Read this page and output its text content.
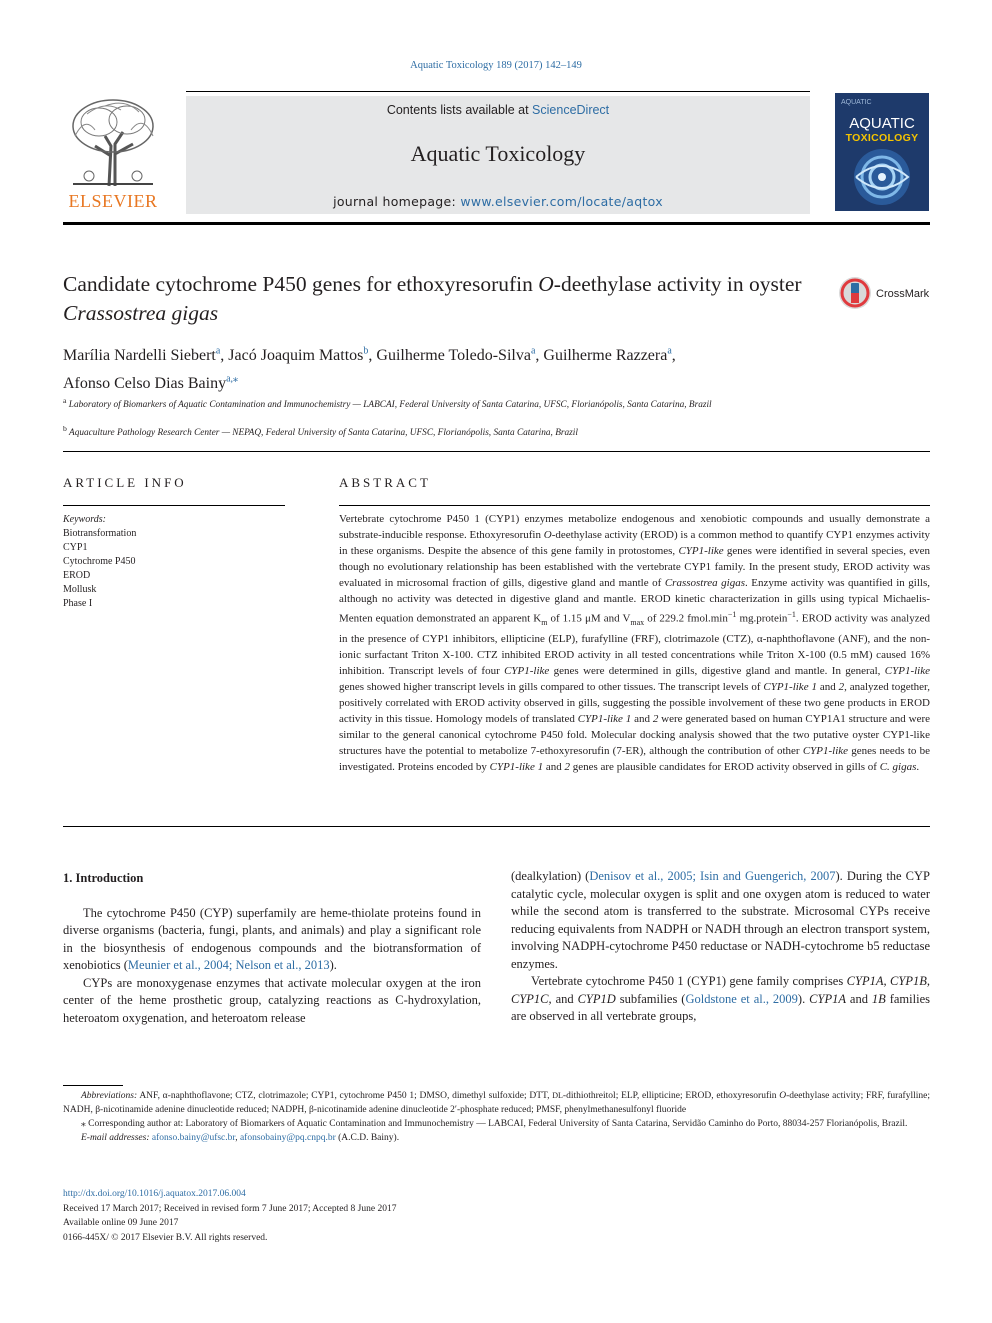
Aquatic Toxicology 189 (2017) 142–149
ELSEVIER
Contents lists available at ScienceDirect
Aquatic Toxicology
journal homepage: www.elsevier.com/locate/aqtox
AQUATIC
AQUATIC
TOXICOLOGY
Candidate cytochrome P450 genes for ethoxyresorufin O-deethylase activity in oyster Crassostrea gigas
CrossMark
Marília Nardelli Siebert$^a$, Jacó Joaquim Mattos$^b$, Guilherme Toledo-Silva$^a$, Guilherme Razzera$^a$,
Afonso Celso Dias Bainy$^{a,⁎}$
$^a$ Laboratory of Biomarkers of Aquatic Contamination and Immunochemistry — LABCAI, Federal University of Santa Catarina, UFSC, Florianópolis, Santa Catarina, Brazil
$^b$ Aquaculture Pathology Research Center — NEPAQ, Federal University of Santa Catarina, UFSC, Florianópolis, Santa Catarina, Brazil
ARTICLE INFO	ABSTRACT
Keywords:
Biotransformation
CYP1
Cytochrome P450
EROD
Mollusk
Phase I
Vertebrate cytochrome P450 1 (CYP1) enzymes metabolize endogenous and xenobiotic compounds and usually demonstrate a substrate-inducible response. Ethoxyresorufin O-deethylase activity (EROD) is a common method to quantify CYP1 enzymes activity in these organisms. Despite the absence of this gene family in protostomes, CYP1-like genes were identified in several species, even though no evolutionary relationship has been established with the vertebrate CYP1 family. In the present study, EROD activity was evaluated in microsomal fraction of gills, digestive gland and mantle of Crassostrea gigas. Enzyme activity was quantified in gills, although no activity was detected in digestive gland and mantle. EROD kinetic characterization in gills using typical Michaelis-Menten equation demonstrated an apparent $K_m$ of 1.15 μM and $V_{max}$ of 229.2 $fmol.\min^{-1}$ mg.protein$^{-1}$. EROD activity was analyzed in the presence of CYP1 inhibitors, ellipticine (ELP), furafylline (FRF), clotrimazole (CTZ), α-naphthoflavone (ANF), and the non-ionic surfactant Triton X-100. CTZ inhibited EROD activity in all tested concentrations while Triton X-100 (0.5 mM) caused 16% inhibition. Transcript levels of four CYP1-like genes were determined in gills, digestive gland and mantle. In general, CYP1-like genes showed higher transcript levels in gills compared to other tissues. The transcript levels of CYP1-like 1 and 2, analyzed together, positively correlated with EROD activity observed in gills, suggesting the possible involvement of these two gene products in EROD activity in this tissue. Homology models of translated CYP1-like 1 and 2 were generated based on human CYP1A1 structure and were similar to the general canonical cytochrome P450 fold. Molecular docking analysis showed that the two putative oyster CYP1-like structures have the potential to metabolize 7-ethoxyresorufin (7-ER), although the contribution of other CYP1-like genes needs to be investigated. Proteins encoded by CYP1-like 1 and 2 genes are plausible candidates for EROD activity observed in gills of C. gigas.
1. Introduction

The cytochrome P450 (CYP) superfamily are heme-thiolate proteins found in diverse organisms (bacteria, fungi, plants, and animals) and play a significant role in the biosynthesis of endogenous compounds and the biotransformation of xenobiotics (Meunier et al., 2004; Nelson et al., 2013).

CYPs are monoxygenase enzymes that activate molecular oxygen at the iron center of the heme prosthetic group, catalyzing reactions as C-hydroxylation, heteroatom oxygenation, and heteroatom release

(dealkylation) (Denisov et al., 2005; Isin and Guengerich, 2007). During the CYP catalytic cycle, molecular oxygen is split and one oxygen atom is reduced to water while the second atom is transferred to the substrate. Microsomal CYPs receive reducing equivalents from NADPH or NADH through an electron transport system, involving NADPH-cytochrome P450 reductase or NADH-cytochrome b5 reductase enzymes.

Vertebrate cytochrome P450 1 (CYP1) gene family comprises CYP1A, CYP1B, CYP1C, and CYP1D subfamilies (Goldstone et al., 2009). CYP1A and 1B families are observed in all vertebrate groups,

Abbreviations: ANF, α-naphthoflavone; CTZ, clotrimazole; CYP1, cytochrome P450 1; DMSO, dimethyl sulfoxide; DTT, DL-dithiothreitol; ELP, ellipticine; EROD, ethoxyresorufin O-deethylase activity; FRF, furafylline; NADH, β-nicotinamide adenine dinucleotide reduced; NADPH, β-nicotinamide adenine dinucleotide 2′-phosphate reduced; PMSF, phenylmethanesulfonyl fluoride

⁎ Corresponding author at: Laboratory of Biomarkers of Aquatic Contamination and Immunochemistry — LABCAI, Federal University of Santa Catarina, Servidão Caminho do Porto, 88034-257 Florianópolis, Brazil.

E-mail addresses: afonso.bainy@ufsc.br, afonsobainy@pq.cnpq.br (A.C.D. Bainy).

http://dx.doi.org/10.1016/j.aquatox.2017.06.004

Received 17 March 2017; Received in revised form 7 June 2017; Accepted 8 June 2017

Available online 09 June 2017

0166-445X/ © 2017 Elsevier B.V. All rights reserved.
